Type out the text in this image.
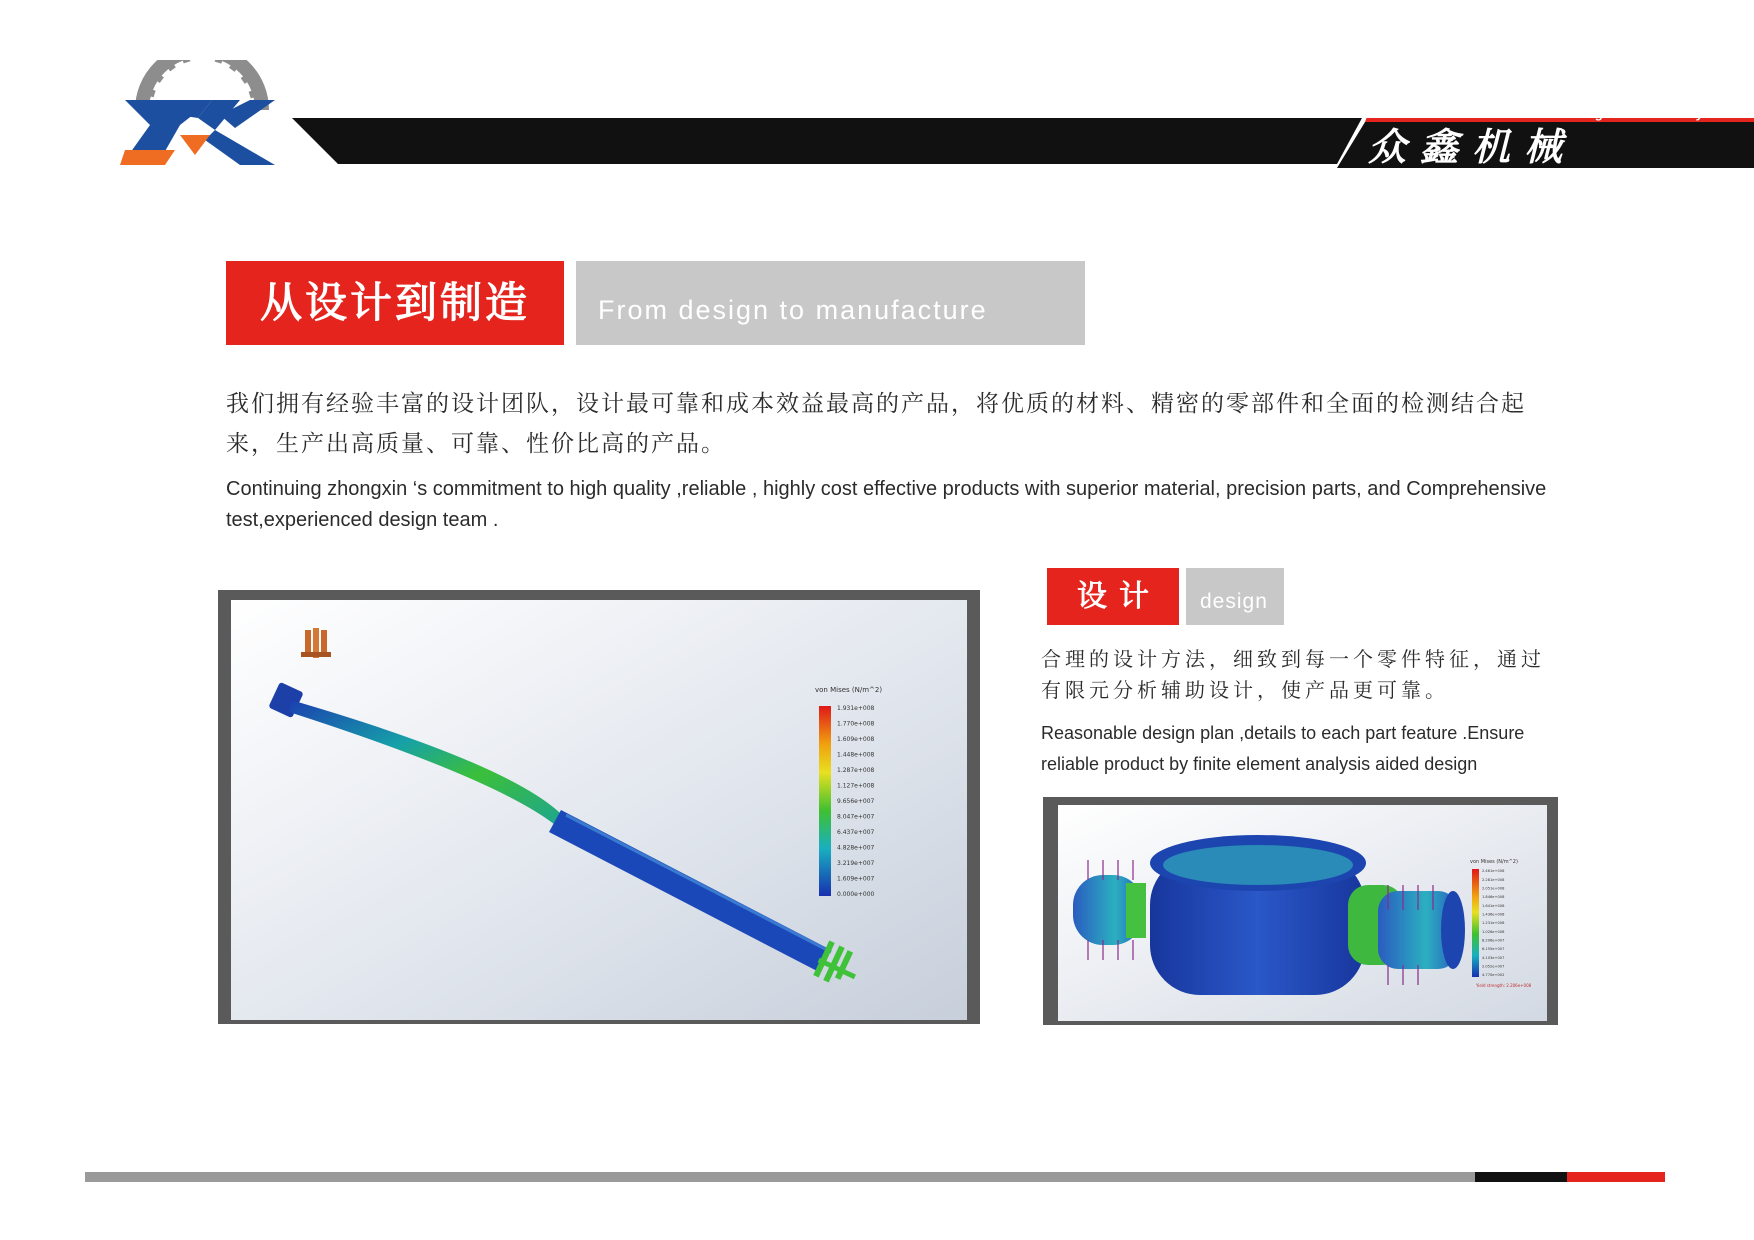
Zhongxin machinery
众鑫机械
从设计到制造	From design to manufacture
我们拥有经验丰富的设计团队，设计最可靠和成本效益最高的产品，将优质的材料、精密的零部件和全面的检测结合起来，生产出高质量、可靠、性价比高的产品。
Continuing zhongxin ‘s commitment to high quality ,reliable , highly cost effective products with superior material, precision parts, and Comprehensive test,experienced design team .
von Mises (N/m^2)
1.931e+008
1.770e+008
1.609e+008
1.448e+008
1.287e+008
1.127e+008
9.656e+007
8.047e+007
6.437e+007
4.828e+007
3.219e+007
1.609e+007
0.000e+000
设计	design
合理的设计方法，细致到每一个零件特征，通过有限元分析辅助设计，使产品更可靠。
Reasonable design plan ,details to each part feature .Ensure reliable product by finite element analysis aided design
von Mises (N/m^2)
2.461e+008
2.281e+008
2.051e+008
1.846e+008
1.641e+008
1.436e+008
1.231e+008
1.026e+008
8.206e+007
6.155e+007
4.103e+007
2.052e+007
4.770e+002
Yield strength: 2.206e+008
